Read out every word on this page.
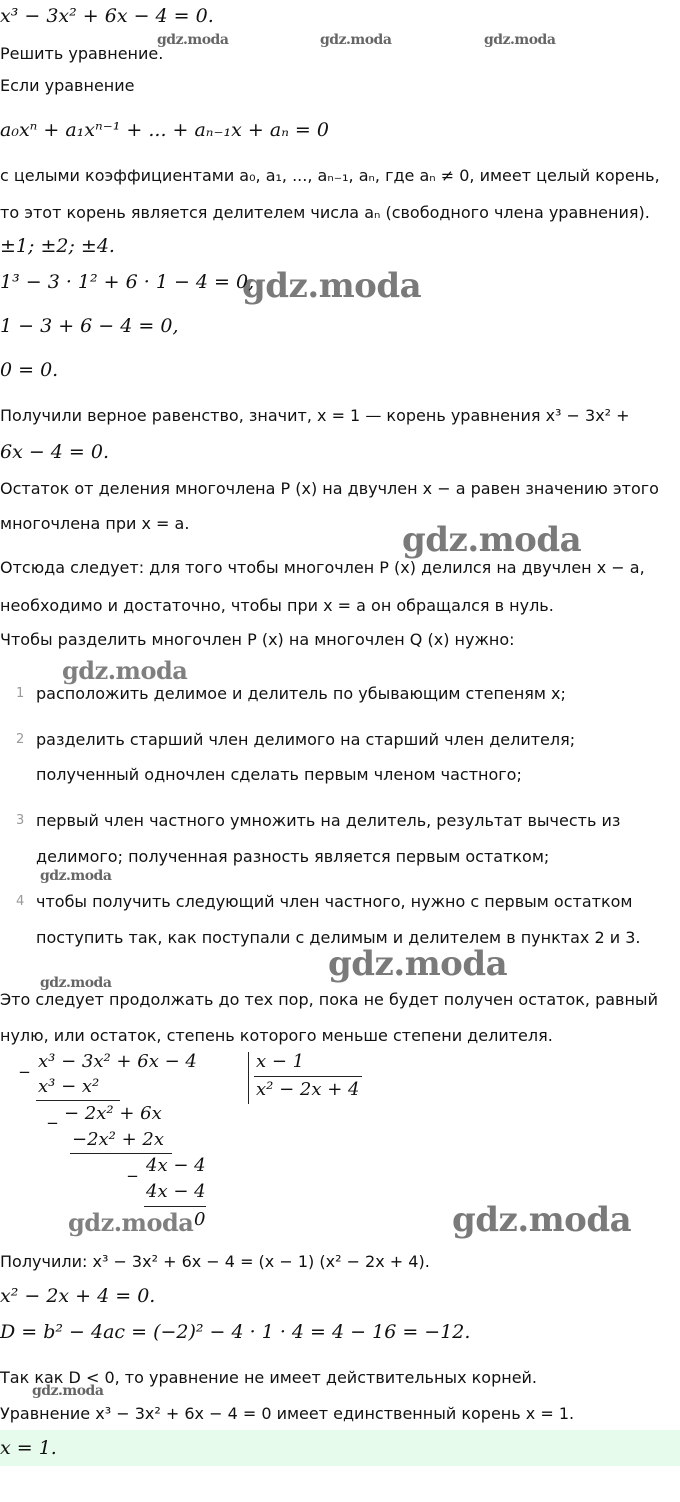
gdz.moda	gdz.moda	gdz.moda
gdz.moda
gdz.moda
gdz.moda
gdz.moda
gdz.moda
gdz.moda
gdz.moda	gdz.moda
gdz.moda
x³ − 3x² + 6x − 4 = 0.
Решить уравнение.
Если уравнение
a₀xⁿ + a₁xⁿ⁻¹ + ... + aₙ₋₁x + aₙ = 0
с целыми коэффициентами a₀, a₁, ..., aₙ₋₁, aₙ, где aₙ ≠ 0, имеет целый корень,
то этот корень является делителем числа aₙ (свободного члена уравнения).
±1; ±2; ±4.
1³ − 3 · 1² + 6 · 1 − 4 = 0,
1 − 3 + 6 − 4 = 0,
0 = 0.
Получили верное равенство, значит, x = 1 — корень уравнения x³ − 3x² +
6x − 4 = 0.
Остаток от деления многочлена P (x) на двучлен x − a равен значению этого
многочлена при x = a.
Отсюда следует: для того чтобы многочлен P (x) делился на двучлен x − a,
необходимо и достаточно, чтобы при x = a он обращался в нуль.
Чтобы разделить многочлен P (x) на многочлен Q (x) нужно:
1 расположить делимое и делитель по убывающим степеням x;
2 разделить старший член делимого на старший член делителя;
полученный одночлен сделать первым членом частного;
3 первый член частного умножить на делитель, результат вычесть из
делимого; полученная разность является первым остатком;
4 чтобы получить следующий член частного, нужно с первым остатком
поступить так, как поступали с делимым и делителем в пунктах 2 и 3.
Это следует продолжать до тех пор, пока не будет получен остаток, равный
нулю, или остаток, степень которого меньше степени делителя.
_ x³ − 3x² + 6x − 4	x − 1
x² − 2x + 4
x³ − x²
_ − 2x² + 6x
−2x² + 2x
_ 4x − 4
4x − 4
0
Получили: x³ − 3x² + 6x − 4 = (x − 1) (x² − 2x + 4).
x² − 2x + 4 = 0.
D = b² − 4ac = (−2)² − 4 · 1 · 4 = 4 − 16 = −12.
Так как D < 0, то уравнение не имеет действительных корней.
Уравнение x³ − 3x² + 6x − 4 = 0 имеет единственный корень x = 1.
x = 1.
